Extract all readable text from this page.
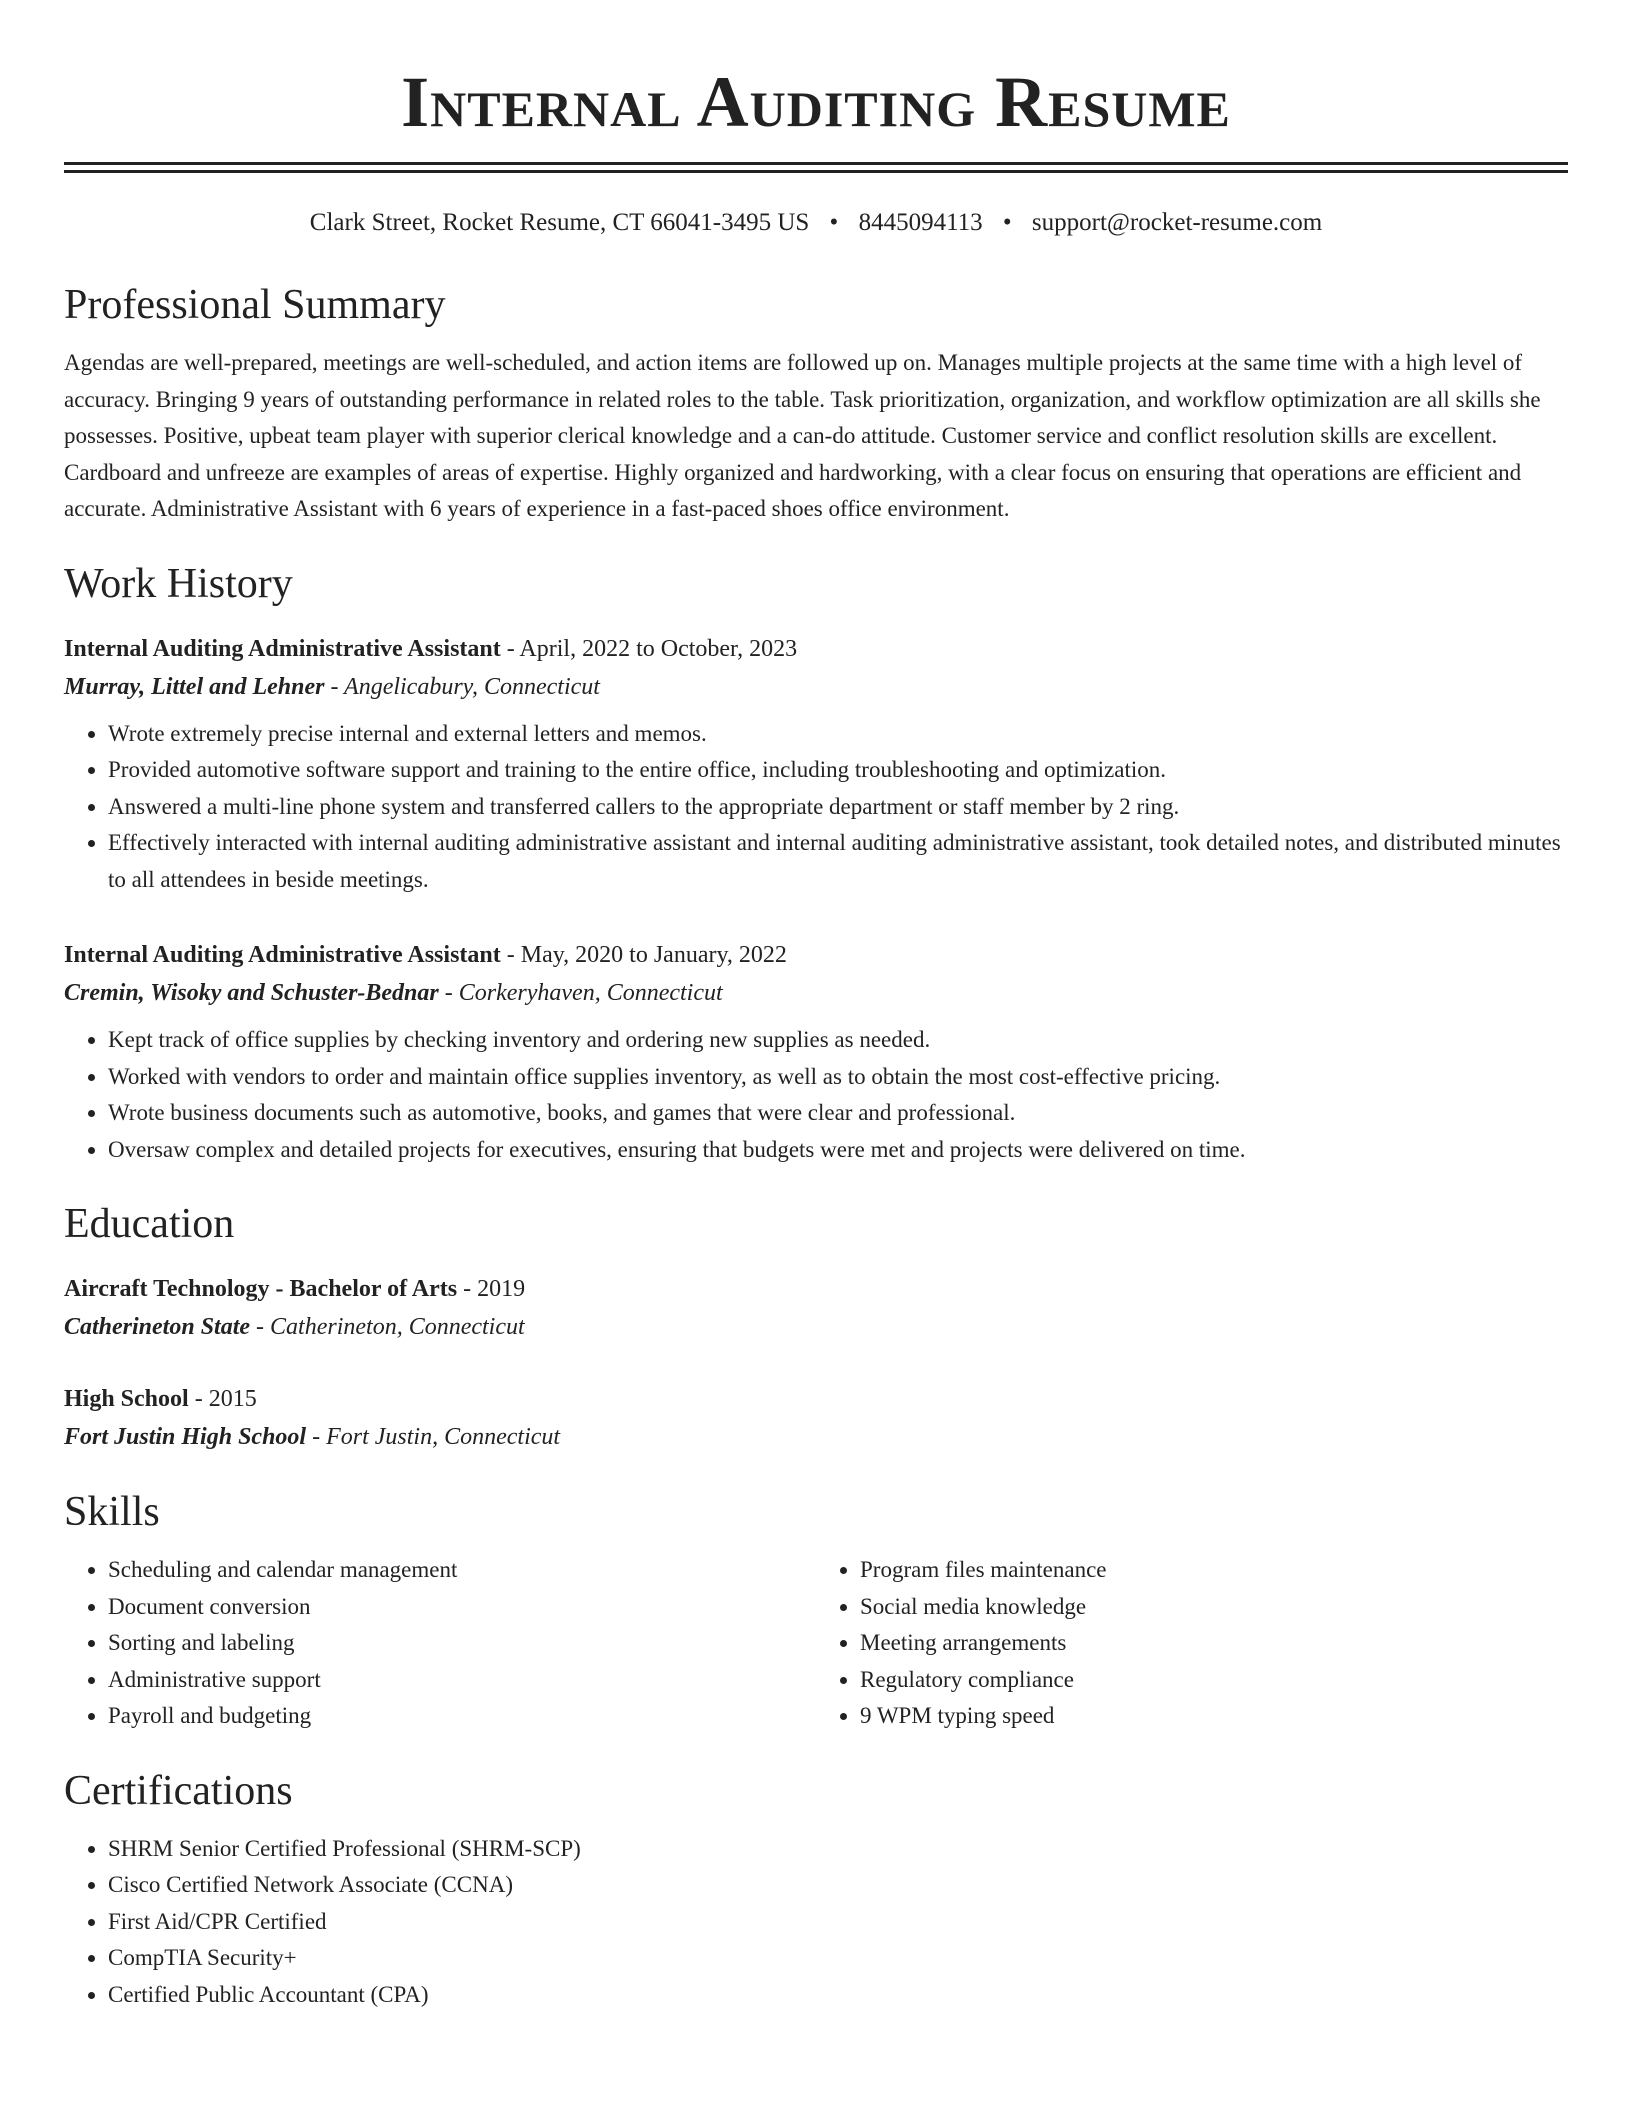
Internal Auditing Resume
Clark Street, Rocket Resume, CT 66041-3495 US • 8445094113 • support@rocket-resume.com
Professional Summary
Agendas are well-prepared, meetings are well-scheduled, and action items are followed up on. Manages multiple projects at the same time with a high level of accuracy. Bringing 9 years of outstanding performance in related roles to the table. Task prioritization, organization, and workflow optimization are all skills she possesses. Positive, upbeat team player with superior clerical knowledge and a can-do attitude. Customer service and conflict resolution skills are excellent. Cardboard and unfreeze are examples of areas of expertise. Highly organized and hardworking, with a clear focus on ensuring that operations are efficient and accurate. Administrative Assistant with 6 years of experience in a fast-paced shoes office environment.
Work History
Internal Auditing Administrative Assistant - April, 2022 to October, 2023
Murray, Littel and Lehner - Angelicabury, Connecticut
• Wrote extremely precise internal and external letters and memos.
• Provided automotive software support and training to the entire office, including troubleshooting and optimization.
• Answered a multi-line phone system and transferred callers to the appropriate department or staff member by 2 ring.
• Effectively interacted with internal auditing administrative assistant and internal auditing administrative assistant, took detailed notes, and distributed minutes to all attendees in beside meetings.
Internal Auditing Administrative Assistant - May, 2020 to January, 2022
Cremin, Wisoky and Schuster-Bednar - Corkeryhaven, Connecticut
• Kept track of office supplies by checking inventory and ordering new supplies as needed.
• Worked with vendors to order and maintain office supplies inventory, as well as to obtain the most cost-effective pricing.
• Wrote business documents such as automotive, books, and games that were clear and professional.
• Oversaw complex and detailed projects for executives, ensuring that budgets were met and projects were delivered on time.
Education
Aircraft Technology - Bachelor of Arts - 2019
Catherineton State - Catherineton, Connecticut
High School - 2015
Fort Justin High School - Fort Justin, Connecticut
Skills
• Scheduling and calendar management
• Document conversion
• Sorting and labeling
• Administrative support
• Payroll and budgeting
• Program files maintenance
• Social media knowledge
• Meeting arrangements
• Regulatory compliance
• 9 WPM typing speed
Certifications
• SHRM Senior Certified Professional (SHRM-SCP)
• Cisco Certified Network Associate (CCNA)
• First Aid/CPR Certified
• CompTIA Security+
• Certified Public Accountant (CPA)
